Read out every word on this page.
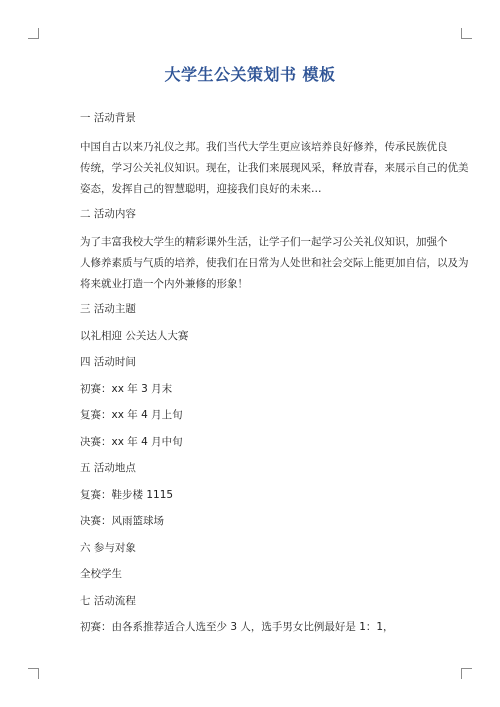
大学生公关策划书 模板

一 活动背景

中国自古以来乃礼仪之邦。我们当代大学生更应该培养良好修养，传承民族优良
传统，学习公关礼仪知识。现在，让我们来展现风采，释放青春，来展示自己的优美
姿态，发挥自己的智慧聪明，迎接我们良好的未来…

二 活动内容

为了丰富我校大学生的精彩课外生活，让学子们一起学习公关礼仪知识，加强个
人修养素质与气质的培养，使我们在日常为人处世和社会交际上能更加自信，以及为
将来就业打造一个内外兼修的形象！

三 活动主题

以礼相迎 公关达人大赛

四 活动时间

初赛：xx 年 3 月末

复赛：xx 年 4 月上旬

决赛：xx 年 4 月中旬

五 活动地点

复赛：鞋步楼 1115

决赛：风雨篮球场

六 参与对象

全校学生

七 活动流程

初赛：由各系推荐适合人选至少 3 人，选手男女比例最好是 1：1，
